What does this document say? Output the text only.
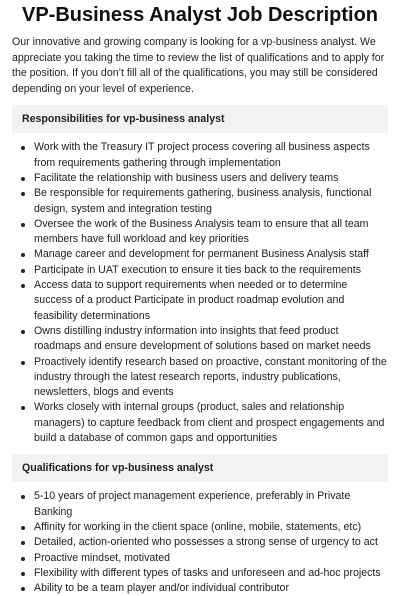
VP-Business Analyst Job Description

Our innovative and growing company is looking for a vp-business analyst. We appreciate you taking the time to review the list of qualifications and to apply for the position. If you don’t fill all of the qualifications, you may still be considered depending on your level of experience.

Responsibilities for vp-business analyst
Work with the Treasury IT project process covering all business aspects from requirements gathering through implementation
Facilitate the relationship with business users and delivery teams
Be responsible for requirements gathering, business analysis, functional design, system and integration testing
Oversee the work of the Business Analysis team to ensure that all team members have full workload and key priorities
Manage career and development for permanent Business Analysis staff
Participate in UAT execution to ensure it ties back to the requirements
Access data to support requirements when needed or to determine success of a product Participate in product roadmap evolution and feasibility determinations
Owns distilling industry information into insights that feed product roadmaps and ensure development of solutions based on market needs
Proactively identify research based on proactive, constant monitoring of the industry through the latest research reports, industry publications, newsletters, blogs and events
Works closely with internal groups (product, sales and relationship managers) to capture feedback from client and prospect engagements and build a database of common gaps and opportunities
Qualifications for vp-business analyst
5-10 years of project management experience, preferably in Private Banking
Affinity for working in the client space (online, mobile, statements, etc)
Detailed, action-oriented who possesses a strong sense of urgency to act
Proactive mindset, motivated
Flexibility with different types of tasks and unforeseen and ad-hoc projects
Ability to be a team player and/or individual contributor
